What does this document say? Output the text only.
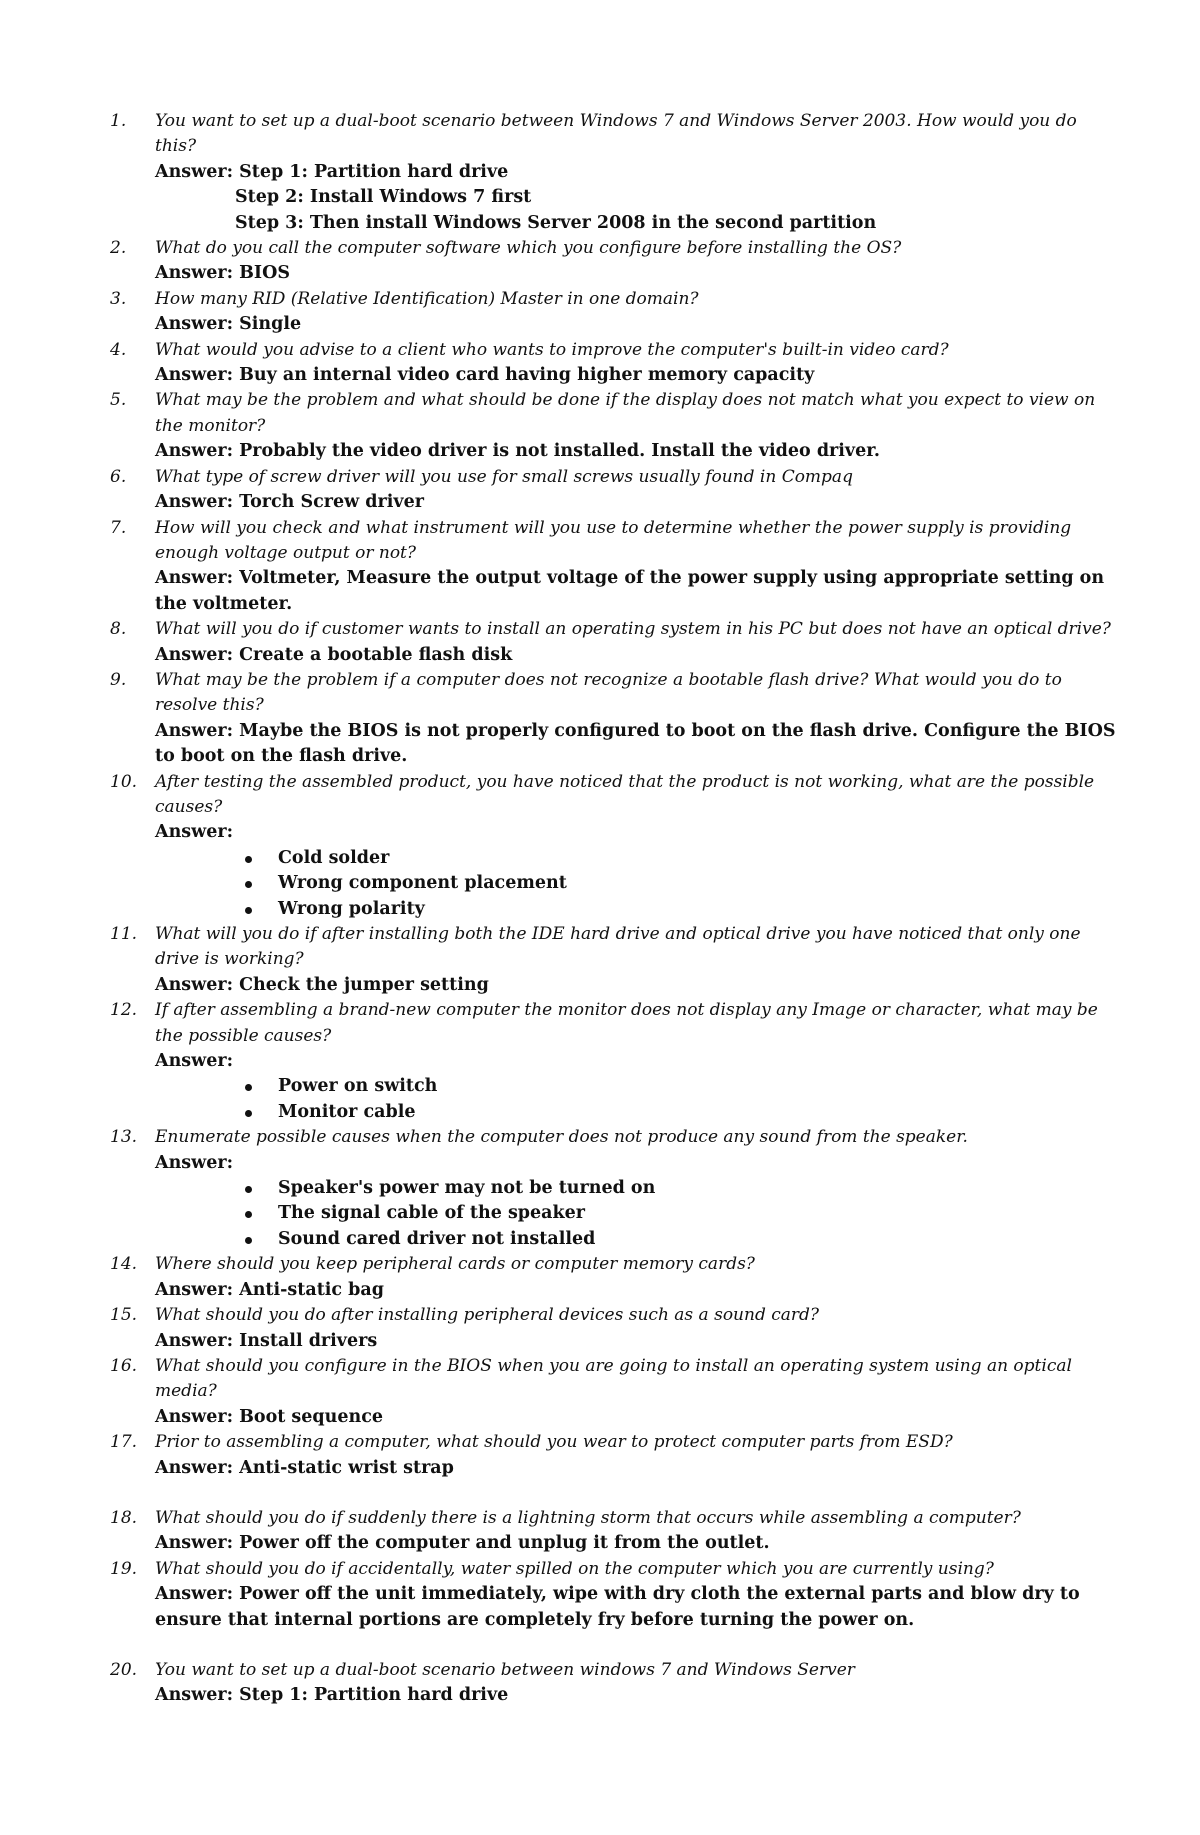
1.	You want to set up a dual-boot scenario between Windows 7 and Windows Server 2003. How would you do this?

Answer: Step 1: Partition hard drive

Step 2: Install Windows 7 first
Step 3: Then install Windows Server 2008 in the second partition
2.	What do you call the computer software which you configure before installing the OS?

Answer: BIOS

3.	How many RID (Relative Identification) Master in one domain?

Answer: Single

4.	What would you advise to a client who wants to improve the computer's built-in video card?

Answer: Buy an internal video card having higher memory capacity

5.	What may be the problem and what should be done if the display does not match what you expect to view on the monitor?

Answer: Probably the video driver is not installed. Install the video driver.

6.	What type of screw driver will you use for small screws usually found in Compaq

Answer: Torch Screw driver

7.	How will you check and what instrument will you use to determine whether the power supply is providing enough voltage output or not?

Answer: Voltmeter, Measure the output voltage of the power supply using appropriate setting on the voltmeter.

8.	What will you do if customer wants to install an operating system in his PC but does not have an optical drive?

Answer: Create a bootable flash disk

9.	What may be the problem if a computer does not recognize a bootable flash drive? What would you do to resolve this?

Answer: Maybe the BIOS is not properly configured to boot on the flash drive. Configure the BIOS to boot on the flash drive.

10.	After testing the assembled product, you have noticed that the product is not working, what are the possible causes?

Answer:

Cold solder
Wrong component placement
Wrong polarity
11.	What will you do if after installing both the IDE hard drive and optical drive you have noticed that only one drive is working?

Answer: Check the jumper setting

12.	If after assembling a brand-new computer the monitor does not display any Image or character, what may be the possible causes?

Answer:

Power on switch
Monitor cable
13.	Enumerate possible causes when the computer does not produce any sound from the speaker.

Answer:

Speaker's power may not be turned on
The signal cable of the speaker
Sound cared driver not installed
14.	Where should you keep peripheral cards or computer memory cards?

Answer: Anti-static bag

15.	What should you do after installing peripheral devices such as a sound card?

Answer: Install drivers

16.	What should you configure in the BIOS when you are going to install an operating system using an optical media?

Answer: Boot sequence

17.	Prior to assembling a computer, what should you wear to protect computer parts from ESD?

Answer: Anti-static wrist strap

18.	What should you do if suddenly there is a lightning storm that occurs while assembling a computer?

Answer: Power off the computer and unplug it from the outlet.

19.	What should you do if accidentally, water spilled on the computer which you are currently using?

Answer: Power off the unit immediately, wipe with dry cloth the external parts and blow dry to ensure that internal portions are completely fry before turning the power on.

20.	You want to set up a dual-boot scenario between windows 7 and Windows Server

Answer: Step 1: Partition hard drive
